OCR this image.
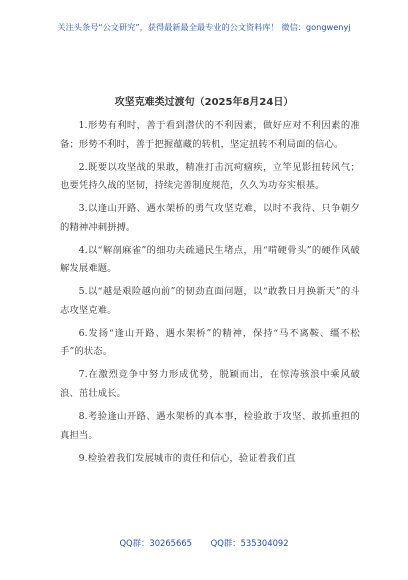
关注头条号“公文研究”，获得最新最全最专业的公文资料库！ 微信：gongwenyj
攻坚克难类过渡句（2025年8月24日）

1.形势有利时，善于看到潜伏的不利因素，做好应对不利因素的准备；形势不利时，善于把握蕴藏的转机，坚定扭转不利局面的信心。

2.既要以攻坚战的果敢，精准打击沉疴痼疾，立竿见影扭转风气；也要凭持久战的坚韧，持续完善制度规范，久久为功夯实根基。

3.以逢山开路、遇水架桥的勇气攻坚克难，以时不我待、只争朝夕的精神冲刺拼搏。

4.以“解剖麻雀”的细功夫疏通民生堵点，用“啃硬骨头”的硬作风破解发展难题。

5.以“越是艰险越向前”的韧劲直面问题，以“敢教日月换新天”的斗志攻坚克难。

6.发扬“逢山开路、遇水架桥”的精神，保持“马不离鞍、缰不松手”的状态。

7.在激烈竞争中努力形成优势，脱颖而出，在惊涛骇浪中乘风破浪、茁壮成长。

8.考验逢山开路、遇水架桥的真本事，检验敢于攻坚、敢抓重担的真担当。

9.检验着我们发展城市的责任和信心，验证着我们直

QQ群：30265665 QQ群：535304092
